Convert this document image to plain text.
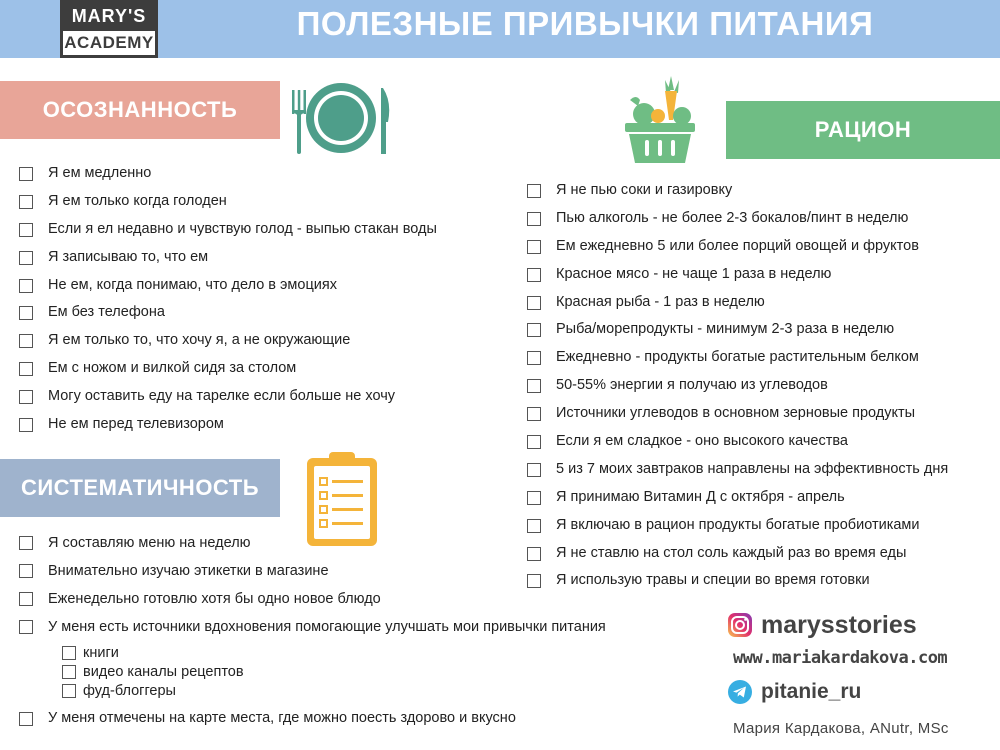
MARY'S
ACADEMY
ПОЛЕЗНЫЕ ПРИВЫЧКИ ПИТАНИЯ
ОСОЗНАННОСТЬ
Я ем медленно
Я ем только когда голоден
Если я ел недавно и чувствую голод - выпью стакан воды
Я записываю то, что ем
Не ем, когда понимаю, что дело в эмоциях
Ем без телефона
Я ем только то, что хочу я, а не окружающие
Ем с ножом и вилкой сидя за столом
Могу оставить еду на тарелке если больше не хочу
Не ем перед телевизором
СИСТЕМАТИЧНОСТЬ
Я составляю меню на неделю
Внимательно изучаю этикетки в магазине
Еженедельно готовлю хотя бы одно новое блюдо
У меня есть источники вдохновения помогающие улучшать мои привычки питания
книги
видео каналы рецептов
фуд-блоггеры
У меня отмечены на карте места, где можно поесть здорово и вкусно
РАЦИОН
Я не пью соки и газировку
Пью алкоголь - не более 2-3 бокалов/пинт в неделю
Ем ежедневно 5 или более порций овощей и фруктов
Красное мясо - не чаще 1 раза в неделю
Красная рыба - 1 раз в неделю
Рыба/морепродукты - минимум 2-3 раза в неделю
Ежедневно - продукты богатые растительным белком
50-55% энергии я получаю из углеводов
Источники углеводов в основном зерновые продукты
Если я ем сладкое - оно высокого качества
5 из 7 моих завтраков направлены на эффективность дня
Я принимаю Витамин Д с октября - апрель
Я включаю в рацион продукты богатые пробиотиками
Я не ставлю на стол соль каждый раз во время еды
Я использую травы и специи во время готовки
marysstories
www.mariakardakova.com
pitanie_ru
Мария Кардакова, ANutr, MSc
